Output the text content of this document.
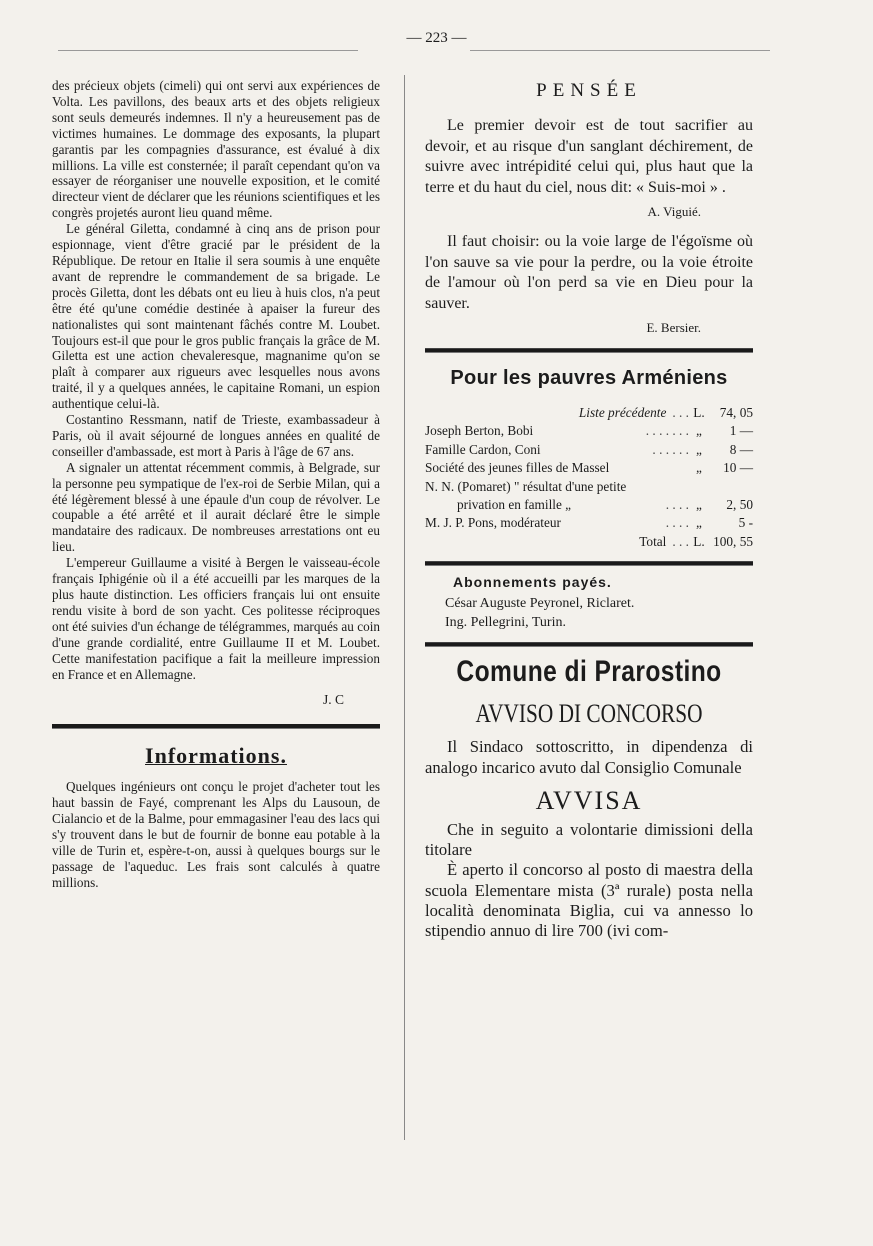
— 223 —

des précieux objets (cimeli) qui ont servi aux expériences de Volta. Les pavillons, des beaux arts et des objets religieux sont seuls demeurés indemnes. Il n'y a heureusement pas de victimes humaines. Le dommage des exposants, la plupart garantis par les compagnies d'assurance, est évalué à dix millions. La ville est consternée; il paraît cependant qu'on va essayer de réorganiser une nouvelle exposition, et le comité directeur vient de déclarer que les réunions scientifiques et les congrès projetés auront lieu quand même.

Le général Giletta, condamné à cinq ans de prison pour espionnage, vient d'être gracié par le président de la République. De retour en Italie il sera soumis à une enquête avant de reprendre le commandement de sa brigade. Le procès Giletta, dont les débats ont eu lieu à huis clos, n'a peut être été qu'une comédie destinée à apaiser la fureur des nationalistes qui sont maintenant fâchés contre M. Loubet. Toujours est-il que pour le gros public français la grâce de M. Giletta est une action chevaleresque, magnanime qu'on se plaît à comparer aux rigueurs avec lesquelles nous avons traité, il y a quelques années, le capitaine Romani, un espion authentique celui-là.

Costantino Ressmann, natif de Trieste, exambassadeur à Paris, où il avait séjourné de longues années en qualité de conseiller d'ambassade, est mort à Paris à l'âge de 67 ans.

A signaler un attentat récemment commis, à Belgrade, sur la personne peu sympatique de l'ex-roi de Serbie Milan, qui a été légèrement blessé à une épaule d'un coup de révolver. Le coupable a été arrêté et il aurait déclaré être le simple mandataire des radicaux. De nombreuses arrestations ont eu lieu.

L'empereur Guillaume a visité à Bergen le vaisseau-école français Iphigénie où il a été accueilli par les marques de la plus haute distinction. Les officiers français lui ont ensuite rendu visite à bord de son yacht. Ces politesse réciproques ont été suivies d'un échange de télégrammes, marqués au coin d'une grande cordialité, entre Guillaume II et M. Loubet. Cette manifestation pacifique a fait la meilleure impression en France et en Allemagne.

J. C
Informations.

Quelques ingénieurs ont conçu le projet d'acheter tout les haut bassin de Fayé, comprenant les Alps du Lausoun, de Cialancio et de la Balme, pour emmagasiner l'eau des lacs qui s'y trouvent dans le but de fournir de bonne eau potable à la ville de Turin et, espère-t-on, aussi à quelques bourgs sur le passage de l'aqueduc. Les frais sont calculés à quatre millions.

PENSÉE

Le premier devoir est de tout sacrifier au devoir, et au risque d'un sanglant déchirement, de suivre avec intrépidité celui qui, plus haut que la terre et du haut du ciel, nous dit: « Suis-moi » .

A. Viguié.

Il faut choisir: ou la voie large de l'égoïsme où l'on sauve sa vie pour la perdre, ou la voie étroite de l'amour où l'on perd sa vie en Dieu pour la sauver.

E. Bersier.
Pour les pauvres Arméniens
Liste précédente . . . L.	74, 05
Joseph Berton, Bobi	. . . . . . . „	1 —
Famille Cardon, Coni	. . . . . . „	8 —
Société des jeunes filles de Massel	„	10 —
N. N. (Pomaret) " résultat d'une petite
privation en famille „	. . . . „	2, 50
M. J. P. Pons, modérateur	. . . . „	5 -
Total . . . L. 100, 55
Abonnements payés.
César Auguste Peyronel, Riclaret.
Ing. Pellegrini, Turin.
Comune di Prarostino
AVVISO DI CONCORSO

Il Sindaco sottoscritto, in dipendenza di analogo incarico avuto dal Consiglio Comunale

AVVISA

Che in seguito a volontarie dimissioni della titolare

È aperto il concorso al posto di maestra della scuola Elementare mista (3ª rurale) posta nella località denominata Biglia, cui va annesso lo stipendio annuo di lire 700 (ivi com-
